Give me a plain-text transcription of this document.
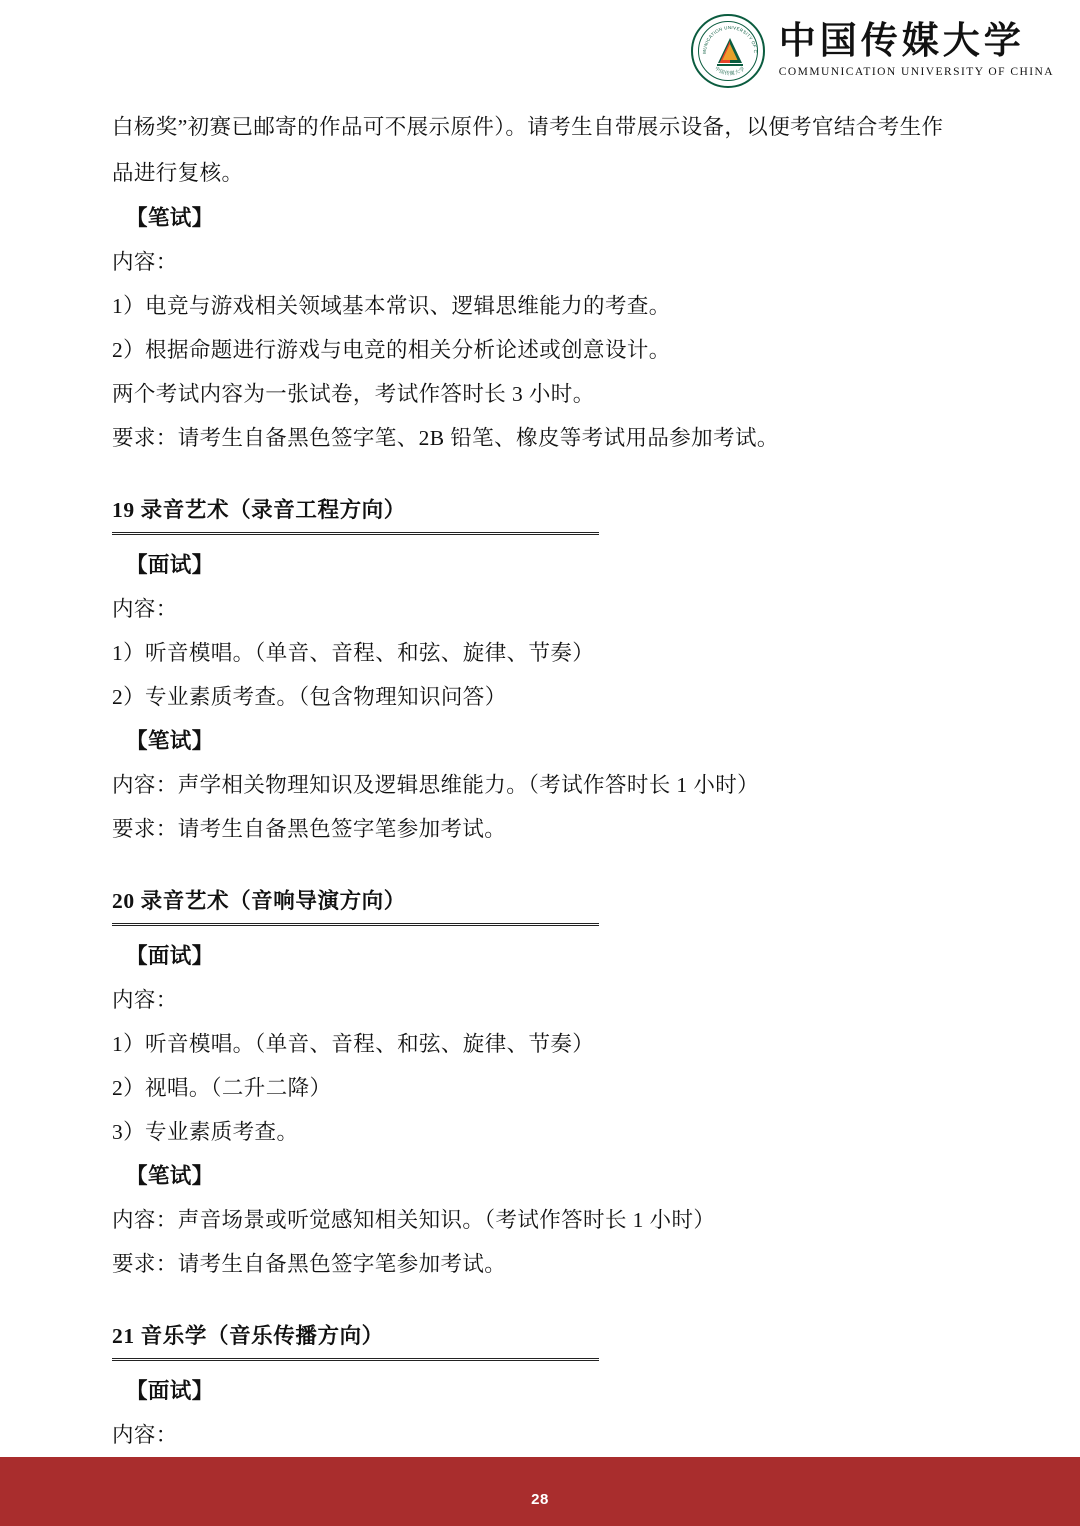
MUNICATION UNIVERSITY OF C
中国传媒大学
中国传媒大学
COMMUNICATION UNIVERSITY OF CHINA

白杨奖”初赛已邮寄的作品可不展示原件）。请考生自带展示设备，以便考官结合考生作

品进行复核。

【笔试】

内容：

1）电竞与游戏相关领域基本常识、逻辑思维能力的考查。

2）根据命题进行游戏与电竞的相关分析论述或创意设计。

两个考试内容为一张试卷，考试作答时长 3 小时。

要求：请考生自备黑色签字笔、2B 铅笔、橡皮等考试用品参加考试。

19 录音艺术（录音工程方向）

【面试】

内容：

1）听音模唱。（单音、音程、和弦、旋律、节奏）

2）专业素质考查。（包含物理知识问答）

【笔试】

内容：声学相关物理知识及逻辑思维能力。（考试作答时长 1 小时）

要求：请考生自备黑色签字笔参加考试。

20 录音艺术（音响导演方向）

【面试】

内容：

1）听音模唱。（单音、音程、和弦、旋律、节奏）

2）视唱。（二升二降）

3）专业素质考查。

【笔试】

内容：声音场景或听觉感知相关知识。（考试作答时长 1 小时）

要求：请考生自备黑色签字笔参加考试。

21 音乐学（音乐传播方向）

【面试】

内容：

28
